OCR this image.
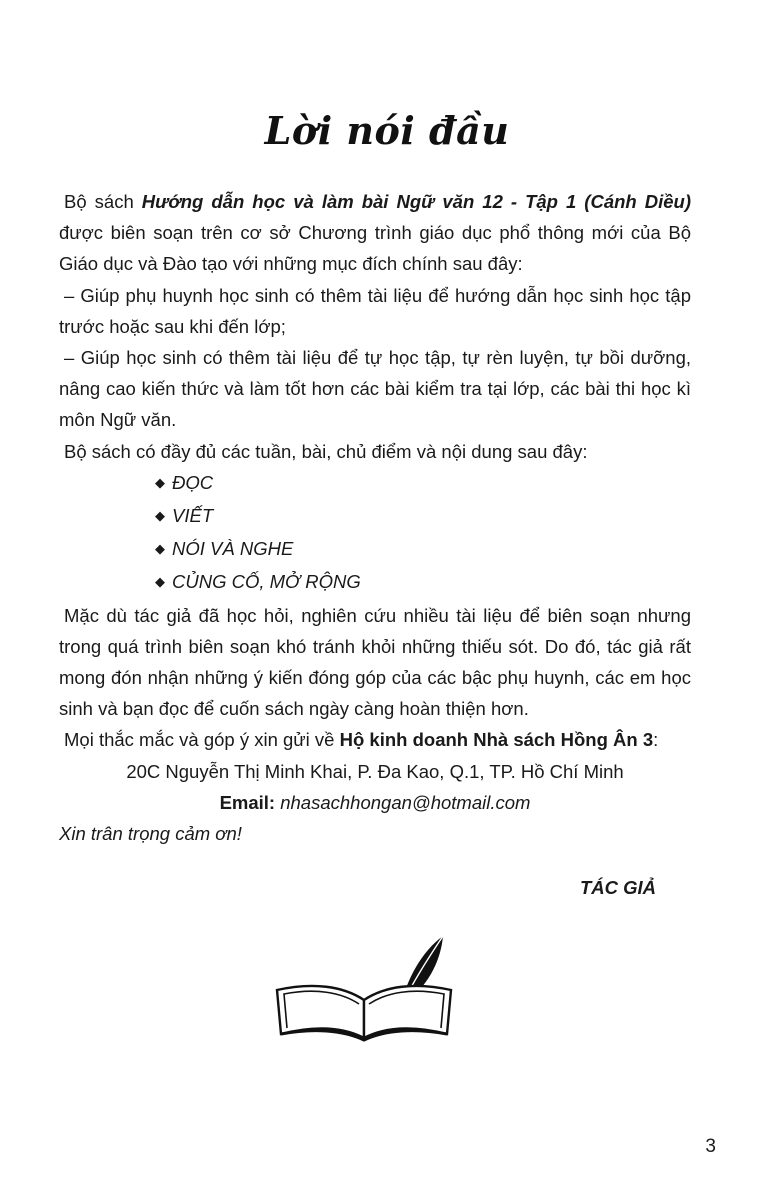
Lời nói đầu

Bộ sách Hướng dẫn học và làm bài Ngữ văn 12 - Tập 1 (Cánh Diều) được biên soạn trên cơ sở Chương trình giáo dục phổ thông mới của Bộ Giáo dục và Đào tạo với những mục đích chính sau đây:

– Giúp phụ huynh học sinh có thêm tài liệu để hướng dẫn học sinh học tập trước hoặc sau khi đến lớp;

– Giúp học sinh có thêm tài liệu để tự học tập, tự rèn luyện, tự bồi dưỡng, nâng cao kiến thức và làm tốt hơn các bài kiểm tra tại lớp, các bài thi học kì môn Ngữ văn.

Bộ sách có đầy đủ các tuần, bài, chủ điểm và nội dung sau đây:

◆ ĐỌC
◆ VIẾT
◆ NÓI VÀ NGHE
◆ CỦNG CỐ, MỞ RỘNG

Mặc dù tác giả đã học hỏi, nghiên cứu nhiều tài liệu để biên soạn nhưng trong quá trình biên soạn khó tránh khỏi những thiếu sót. Do đó, tác giả rất mong đón nhận những ý kiến đóng góp của các bậc phụ huynh, các em học sinh và bạn đọc để cuốn sách ngày càng hoàn thiện hơn.

Mọi thắc mắc và góp ý xin gửi về Hộ kinh doanh Nhà sách Hồng Ân 3:

20C Nguyễn Thị Minh Khai, P. Đa Kao, Q.1, TP. Hồ Chí Minh

Email: nhasachhongan@hotmail.com

Xin trân trọng cảm ơn!

TÁC GIẢ
3
